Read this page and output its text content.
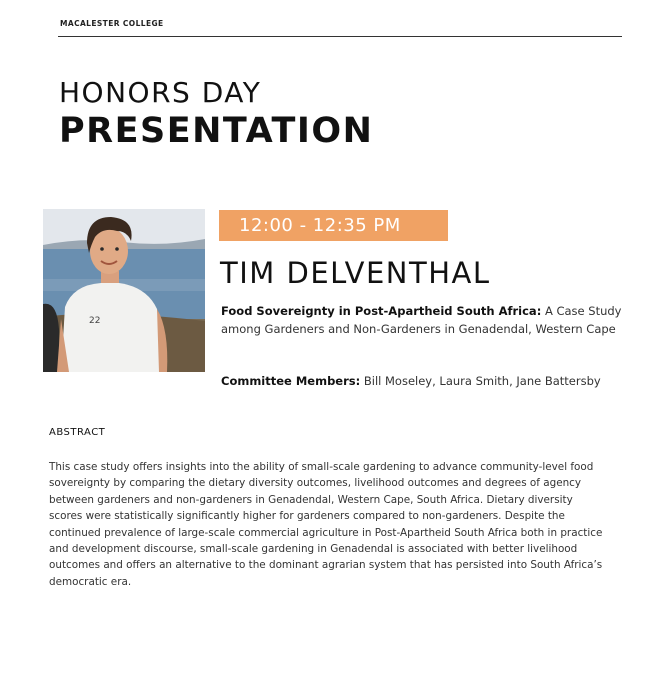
MACALESTER COLLEGE
HONORS DAY
PRESENTATION
22
12:00 - 12:35 PM
TIM DELVENTHAL
Food Sovereignty in Post-Apartheid South Africa: A Case Study among Gardeners and Non-Gardeners in Genadendal, Western Cape
Committee Members: Bill Moseley, Laura Smith, Jane Battersby
ABSTRACT
This case study offers insights into the ability of small-scale gardening to advance community-level food sovereignty by comparing the dietary diversity outcomes, livelihood outcomes and degrees of agency between gardeners and non-gardeners in Genadendal, Western Cape, South Africa. Dietary diversity scores were statistically significantly higher for gardeners compared to non-gardeners. Despite the continued prevalence of large-scale commercial agriculture in Post-Apartheid South Africa both in practice and development discourse, small-scale gardening in Genadendal is associated with better livelihood outcomes and offers an alternative to the dominant agrarian system that has persisted into South Africa’s democratic era.
